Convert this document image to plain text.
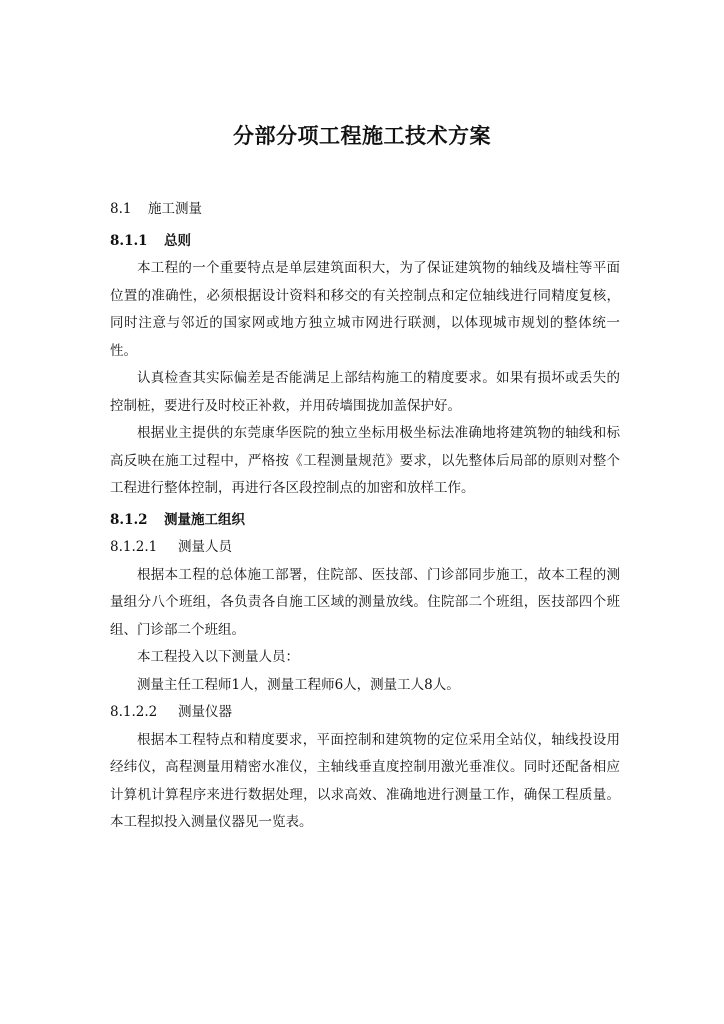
分部分项工程施工技术方案
8.1 施工测量
8.1.1 总则

本工程的一个重要特点是单层建筑面积大，为了保证建筑物的轴线及墙柱等平面位置的准确性，必须根据设计资料和移交的有关控制点和定位轴线进行同精度复核，同时注意与邻近的国家网或地方独立城市网进行联测，以体现城市规划的整体统一性。

认真检查其实际偏差是否能满足上部结构施工的精度要求。如果有损坏或丢失的控制桩，要进行及时校正补救，并用砖墙围拢加盖保护好。

根据业主提供的东莞康华医院的独立坐标用极坐标法准确地将建筑物的轴线和标高反映在施工过程中，严格按《工程测量规范》要求，以先整体后局部的原则对整个工程进行整体控制，再进行各区段控制点的加密和放样工作。

8.1.2 测量施工组织
8.1.2.1 测量人员

根据本工程的总体施工部署，住院部、医技部、门诊部同步施工，故本工程的测量组分八个班组，各负责各自施工区域的测量放线。住院部二个班组，医技部四个班组、门诊部二个班组。

本工程投入以下测量人员：

测量主任工程师1人，测量工程师6人，测量工人8人。

8.1.2.2 测量仪器

根据本工程特点和精度要求，平面控制和建筑物的定位采用全站仪，轴线投设用经纬仪，高程测量用精密水准仪，主轴线垂直度控制用激光垂准仪。同时还配备相应计算机计算程序来进行数据处理，以求高效、准确地进行测量工作，确保工程质量。本工程拟投入测量仪器见一览表。
